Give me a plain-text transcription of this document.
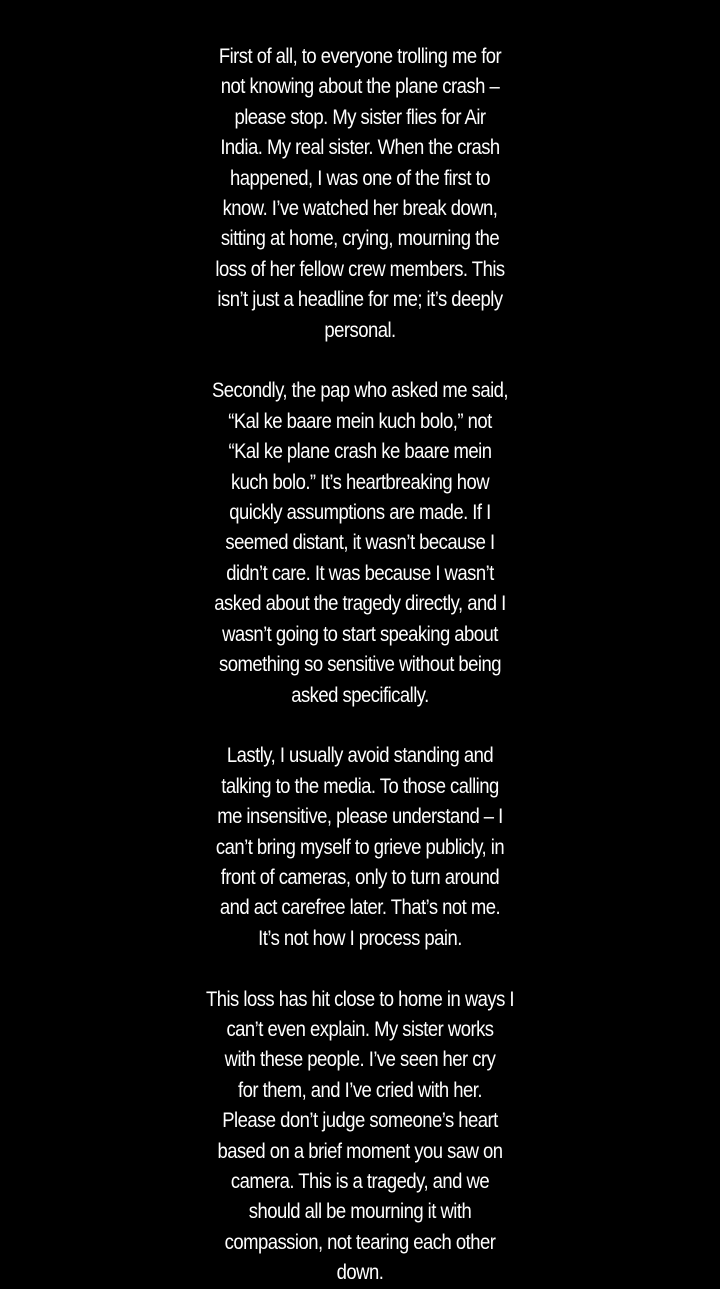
First of all, to everyone trolling me for
not knowing about the plane crash –
please stop. My sister flies for Air
India. My real sister. When the crash
happened, I was one of the first to
know. I’ve watched her break down,
sitting at home, crying, mourning the
loss of her fellow crew members. This
isn’t just a headline for me; it’s deeply
personal.
Secondly, the pap who asked me said,
“Kal ke baare mein kuch bolo,” not
“Kal ke plane crash ke baare mein
kuch bolo.” It’s heartbreaking how
quickly assumptions are made. If I
seemed distant, it wasn’t because I
didn’t care. It was because I wasn’t
asked about the tragedy directly, and I
wasn’t going to start speaking about
something so sensitive without being
asked specifically.
Lastly, I usually avoid standing and
talking to the media. To those calling
me insensitive, please understand – I
can’t bring myself to grieve publicly, in
front of cameras, only to turn around
and act carefree later. That’s not me.
It’s not how I process pain.
This loss has hit close to home in ways I
can’t even explain. My sister works
with these people. I’ve seen her cry
for them, and I’ve cried with her.
Please don’t judge someone’s heart
based on a brief moment you saw on
camera. This is a tragedy, and we
should all be mourning it with
compassion, not tearing each other
down.
